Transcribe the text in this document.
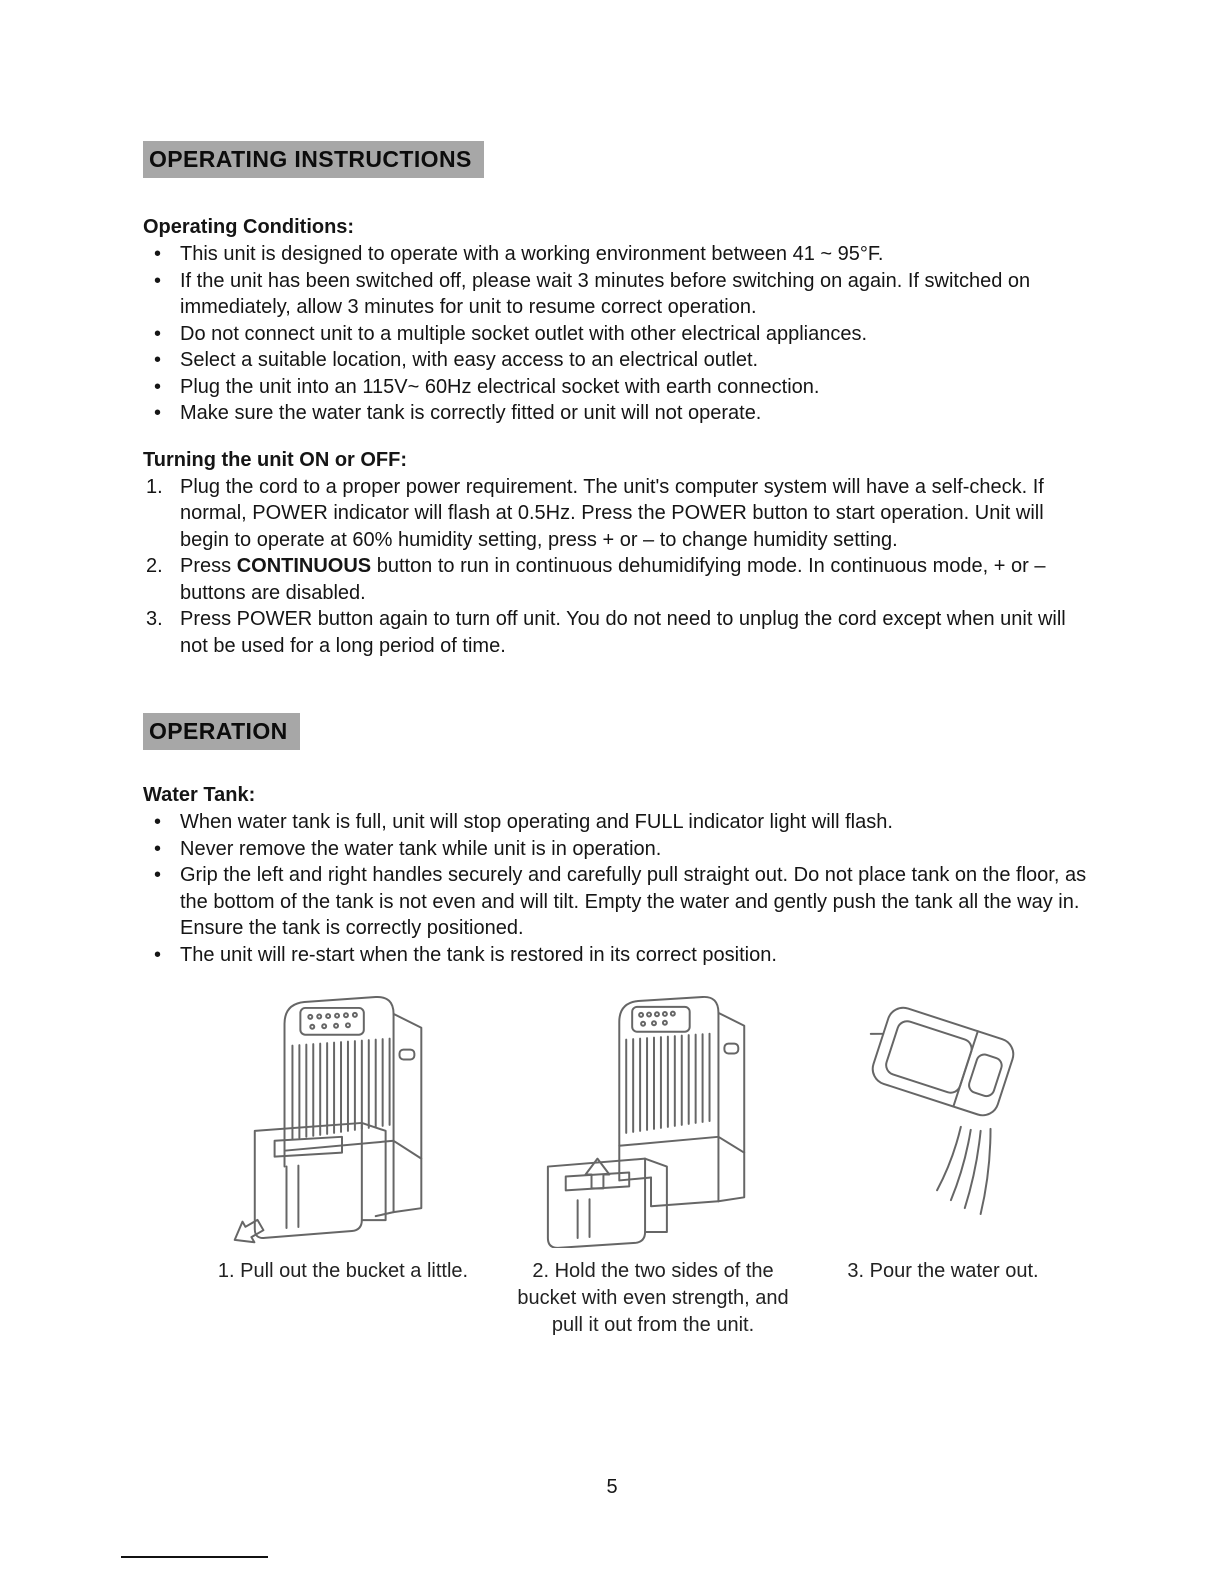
OPERATING INSTRUCTIONS
Operating Conditions:
• This unit is designed to operate with a working environment between 41 ~ 95°F.
• If the unit has been switched off, please wait 3 minutes before switching on again. If switched on immediately, allow 3 minutes for unit to resume correct operation.
• Do not connect unit to a multiple socket outlet with other electrical appliances.
• Select a suitable location, with easy access to an electrical outlet.
• Plug the unit into an 115V~ 60Hz electrical socket with earth connection.
• Make sure the water tank is correctly fitted or unit will not operate.
Turning the unit ON or OFF:
1. Plug the cord to a proper power requirement. The unit's computer system will have a self-check. If normal, POWER indicator will flash at 0.5Hz. Press the POWER button to start operation. Unit will begin to operate at 60% humidity setting, press + or – to change humidity setting.
2. Press CONTINUOUS button to run in continuous dehumidifying mode. In continuous mode, + or – buttons are disabled.
3. Press POWER button again to turn off unit. You do not need to unplug the cord except when unit will not be used for a long period of time.
OPERATION
Water Tank:
• When water tank is full, unit will stop operating and FULL indicator light will flash.
• Never remove the water tank while unit is in operation.
• Grip the left and right handles securely and carefully pull straight out. Do not place tank on the floor, as the bottom of the tank is not even and will tilt. Empty the water and gently push the tank all the way in. Ensure the tank is correctly positioned.
• The unit will re-start when the tank is restored in its correct position.
1. Pull out the bucket a little.	2. Hold the two sides of the bucket with even strength, and pull it out from the unit.
3. Pour the water out.
5
